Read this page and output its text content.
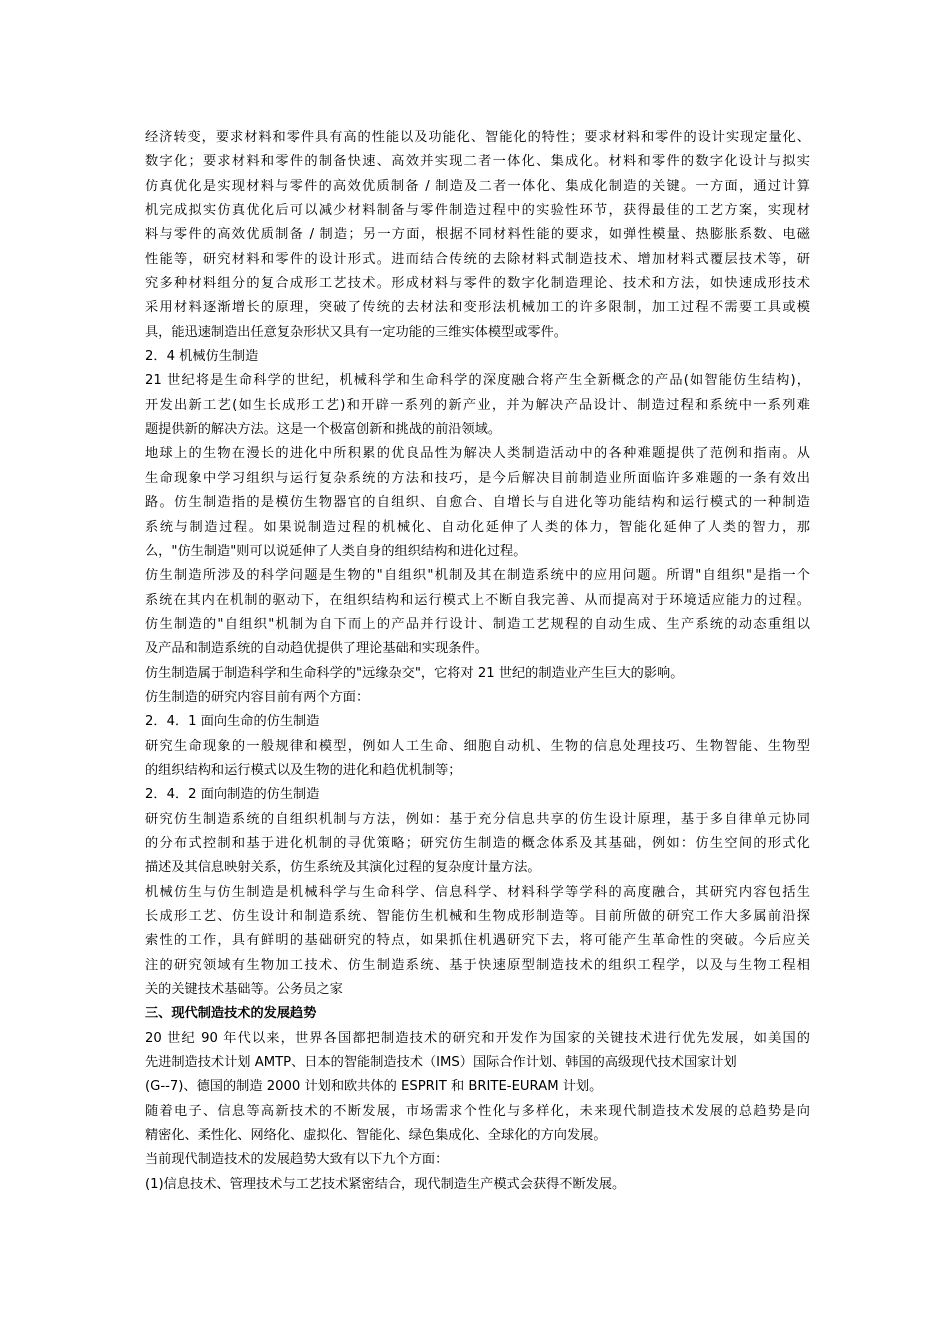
经济转变，要求材料和零件具有高的性能以及功能化、智能化的特性；要求材料和零件的设计实现定量化、
数字化；要求材料和零件的制备快速、高效并实现二者一体化、集成化。材料和零件的数字化设计与拟实
仿真优化是实现材料与零件的高效优质制备 / 制造及二者一体化、集成化制造的关键。一方面，通过计算
机完成拟实仿真优化后可以减少材料制备与零件制造过程中的实验性环节，获得最佳的工艺方案，实现材
料与零件的高效优质制备 / 制造；另一方面，根据不同材料性能的要求，如弹性模量、热膨胀系数、电磁
性能等，研究材料和零件的设计形式。进而结合传统的去除材料式制造技术、增加材料式覆层技术等，研
究多种材料组分的复合成形工艺技术。形成材料与零件的数字化制造理论、技术和方法，如快速成形技术
采用材料逐渐增长的原理，突破了传统的去材法和变形法机械加工的许多限制，加工过程不需要工具或模
具，能迅速制造出任意复杂形状又具有一定功能的三维实体模型或零件。
2．4 机械仿生制造
21 世纪将是生命科学的世纪，机械科学和生命科学的深度融合将产生全新概念的产品(如智能仿生结构)，
开发出新工艺(如生长成形工艺)和开辟一系列的新产业，并为解决产品设计、制造过程和系统中一系列难
题提供新的解决方法。这是一个极富创新和挑战的前沿领域。
地球上的生物在漫长的进化中所积累的优良品性为解决人类制造活动中的各种难题提供了范例和指南。从
生命现象中学习组织与运行复杂系统的方法和技巧，是今后解决目前制造业所面临许多难题的一条有效出
路。仿生制造指的是模仿生物器官的自组织、自愈合、自增长与自进化等功能结构和运行模式的一种制造
系统与制造过程。如果说制造过程的机械化、自动化延伸了人类的体力，智能化延伸了人类的智力，那
么，"仿生制造"则可以说延伸了人类自身的组织结构和进化过程。
仿生制造所涉及的科学问题是生物的"自组织"机制及其在制造系统中的应用问题。所谓"自组织"是指一个
系统在其内在机制的驱动下，在组织结构和运行模式上不断自我完善、从而提高对于环境适应能力的过程。
仿生制造的"自组织"机制为自下而上的产品并行设计、制造工艺规程的自动生成、生产系统的动态重组以
及产品和制造系统的自动趋优提供了理论基础和实现条件。
仿生制造属于制造科学和生命科学的"远缘杂交"，它将对 21 世纪的制造业产生巨大的影响。
仿生制造的研究内容目前有两个方面：
2．4．1 面向生命的仿生制造
研究生命现象的一般规律和模型，例如人工生命、细胞自动机、生物的信息处理技巧、生物智能、生物型
的组织结构和运行模式以及生物的进化和趋优机制等；
2．4．2 面向制造的仿生制造
研究仿生制造系统的自组织机制与方法，例如：基于充分信息共享的仿生设计原理，基于多自律单元协同
的分布式控制和基于进化机制的寻优策略；研究仿生制造的概念体系及其基础，例如：仿生空间的形式化
描述及其信息映射关系，仿生系统及其演化过程的复杂度计量方法。
机械仿生与仿生制造是机械科学与生命科学、信息科学、材料科学等学科的高度融合，其研究内容包括生
长成形工艺、仿生设计和制造系统、智能仿生机械和生物成形制造等。目前所做的研究工作大多属前沿探
索性的工作，具有鲜明的基础研究的特点，如果抓住机遇研究下去，将可能产生革命性的突破。今后应关
注的研究领域有生物加工技术、仿生制造系统、基于快速原型制造技术的组织工程学，以及与生物工程相
关的关键技术基础等。公务员之家
三、现代制造技术的发展趋势
20 世纪 90 年代以来，世界各国都把制造技术的研究和开发作为国家的关键技术进行优先发展，如美国的
先进制造技术计划 AMTP、日本的智能制造技术（IMS）国际合作计划、韩国的高级现代技术国家计划
(G--7)、德国的制造 2000 计划和欧共体的 ESPRIT 和 BRITE-EURAM 计划。
随着电子、信息等高新技术的不断发展，市场需求个性化与多样化，未来现代制造技术发展的总趋势是向
精密化、柔性化、网络化、虚拟化、智能化、绿色集成化、全球化的方向发展。
当前现代制造技术的发展趋势大致有以下九个方面：
(1)信息技术、管理技术与工艺技术紧密结合，现代制造生产模式会获得不断发展。
